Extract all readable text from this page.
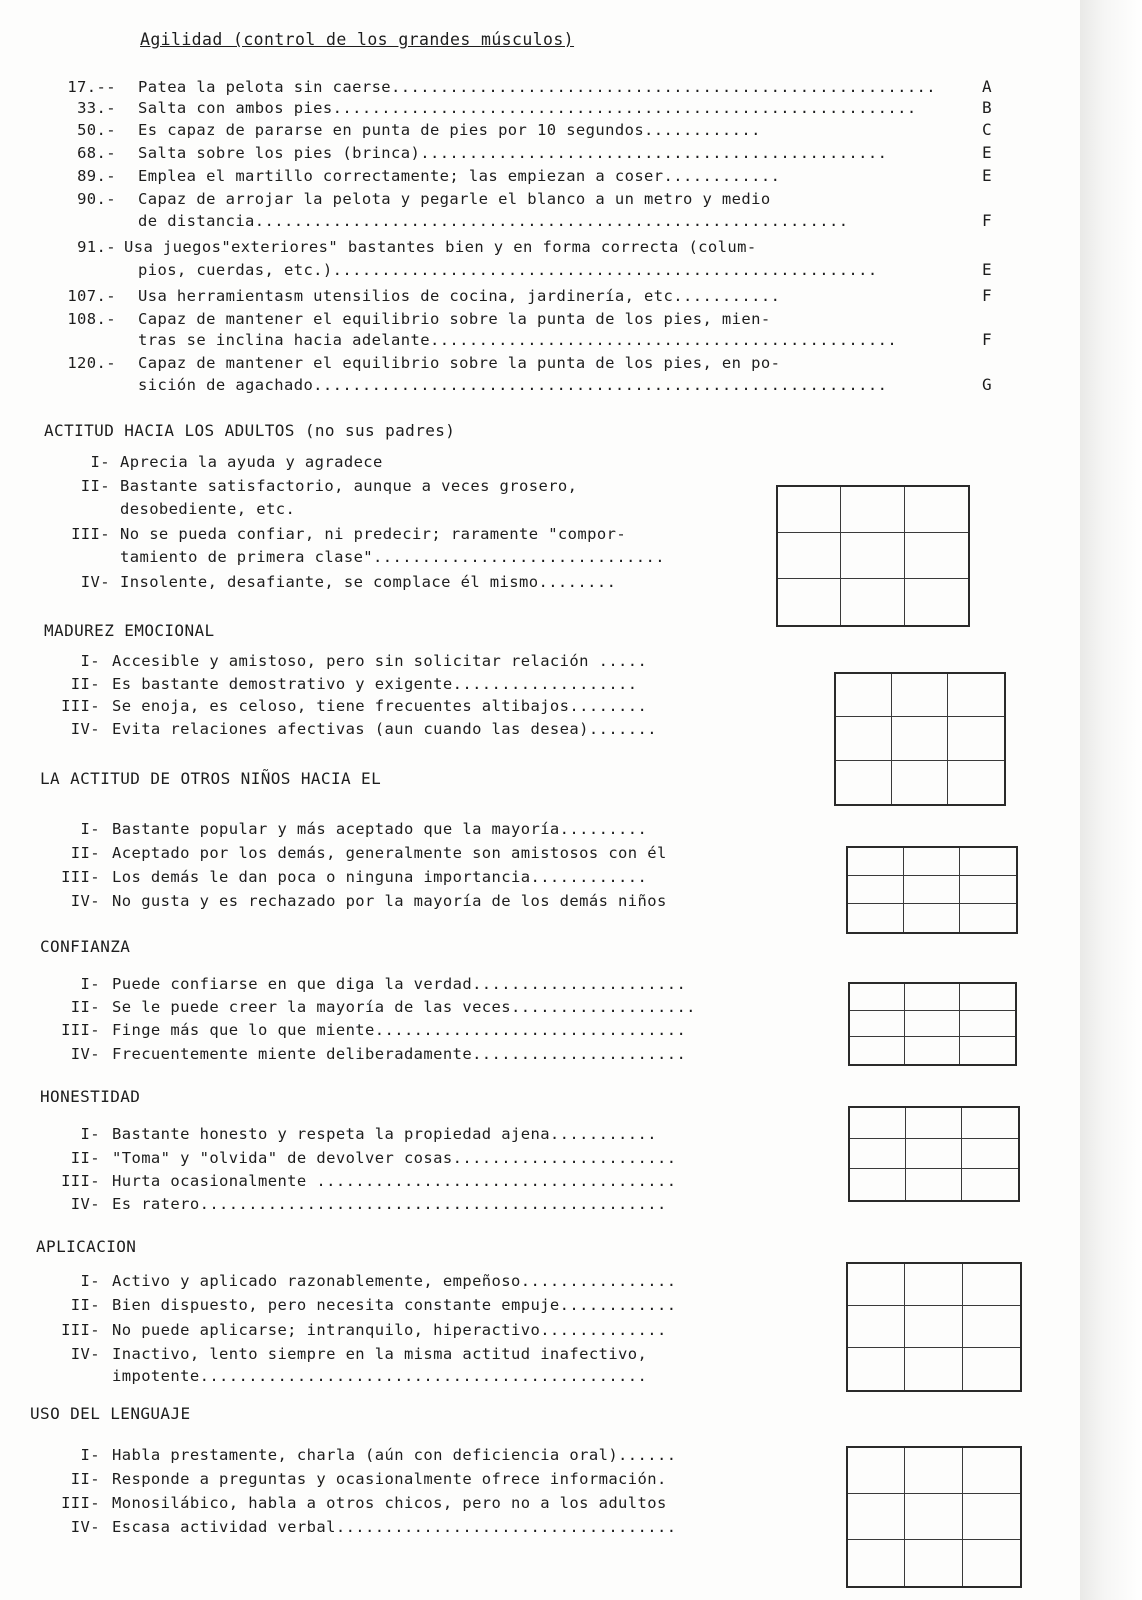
Agilidad (control de los grandes músculos)
17.-- Patea la pelota sin caerse........................................................	A
33.- Salta con ambos pies............................................................	B
50.- Es capaz de pararse en punta de pies por 10 segundos............	C
68.- Salta sobre los pies (brinca)................................................	E
89.- Emplea el martillo correctamente; las empiezan a coser............	E
90.- Capaz de arrojar la pelota y pegarle el blanco a un metro y medio
de distancia.............................................................	F
91.- Usa juegos"exteriores" bastantes bien y en forma correcta (colum-
pios, cuerdas, etc.)........................................................	E
107.- Usa herramientasm utensilios de cocina, jardinería, etc...........	F
108.- Capaz de mantener el equilibrio sobre la punta de los pies, mien-
tras se inclina hacia adelante................................................	F
120.- Capaz de mantener el equilibrio sobre la punta de los pies, en po-
sición de agachado...........................................................	G
ACTITUD HACIA LOS ADULTOS (no sus padres)
I- Aprecia la ayuda y agradece
II- Bastante satisfactorio, aunque a veces grosero,
desobediente, etc.
III- No se pueda confiar, ni predecir; raramente "compor-
tamiento de primera clase"..............................
IV- Insolente, desafiante, se complace él mismo........
MADUREZ EMOCIONAL
I- Accesible y amistoso, pero sin solicitar relación .....
II- Es bastante demostrativo y exigente...................
III- Se enoja, es celoso, tiene frecuentes altibajos........
IV- Evita relaciones afectivas (aun cuando las desea).......
LA ACTITUD DE OTROS NIÑOS HACIA EL
I- Bastante popular y más aceptado que la mayoría.........
II- Aceptado por los demás, generalmente son amistosos con él
III- Los demás le dan poca o ninguna importancia............
IV- No gusta y es rechazado por la mayoría de los demás niños
CONFIANZA
I- Puede confiarse en que diga la verdad......................
II- Se le puede creer la mayoría de las veces...................
III- Finge más que lo que miente................................
IV- Frecuentemente miente deliberadamente......................
HONESTIDAD
I- Bastante honesto y respeta la propiedad ajena...........
II- "Toma" y "olvida" de devolver cosas.......................
III- Hurta ocasionalmente .....................................
IV- Es ratero................................................
APLICACION
I- Activo y aplicado razonablemente, empeñoso................
II- Bien dispuesto, pero necesita constante empuje............
III- No puede aplicarse; intranquilo, hiperactivo.............
IV- Inactivo, lento siempre en la misma actitud inafectivo,
impotente..............................................
USO DEL LENGUAJE
I- Habla prestamente, charla (aún con deficiencia oral)......
II- Responde a preguntas y ocasionalmente ofrece información.
III- Monosilábico, habla a otros chicos, pero no a los adultos
IV- Escasa actividad verbal...................................
